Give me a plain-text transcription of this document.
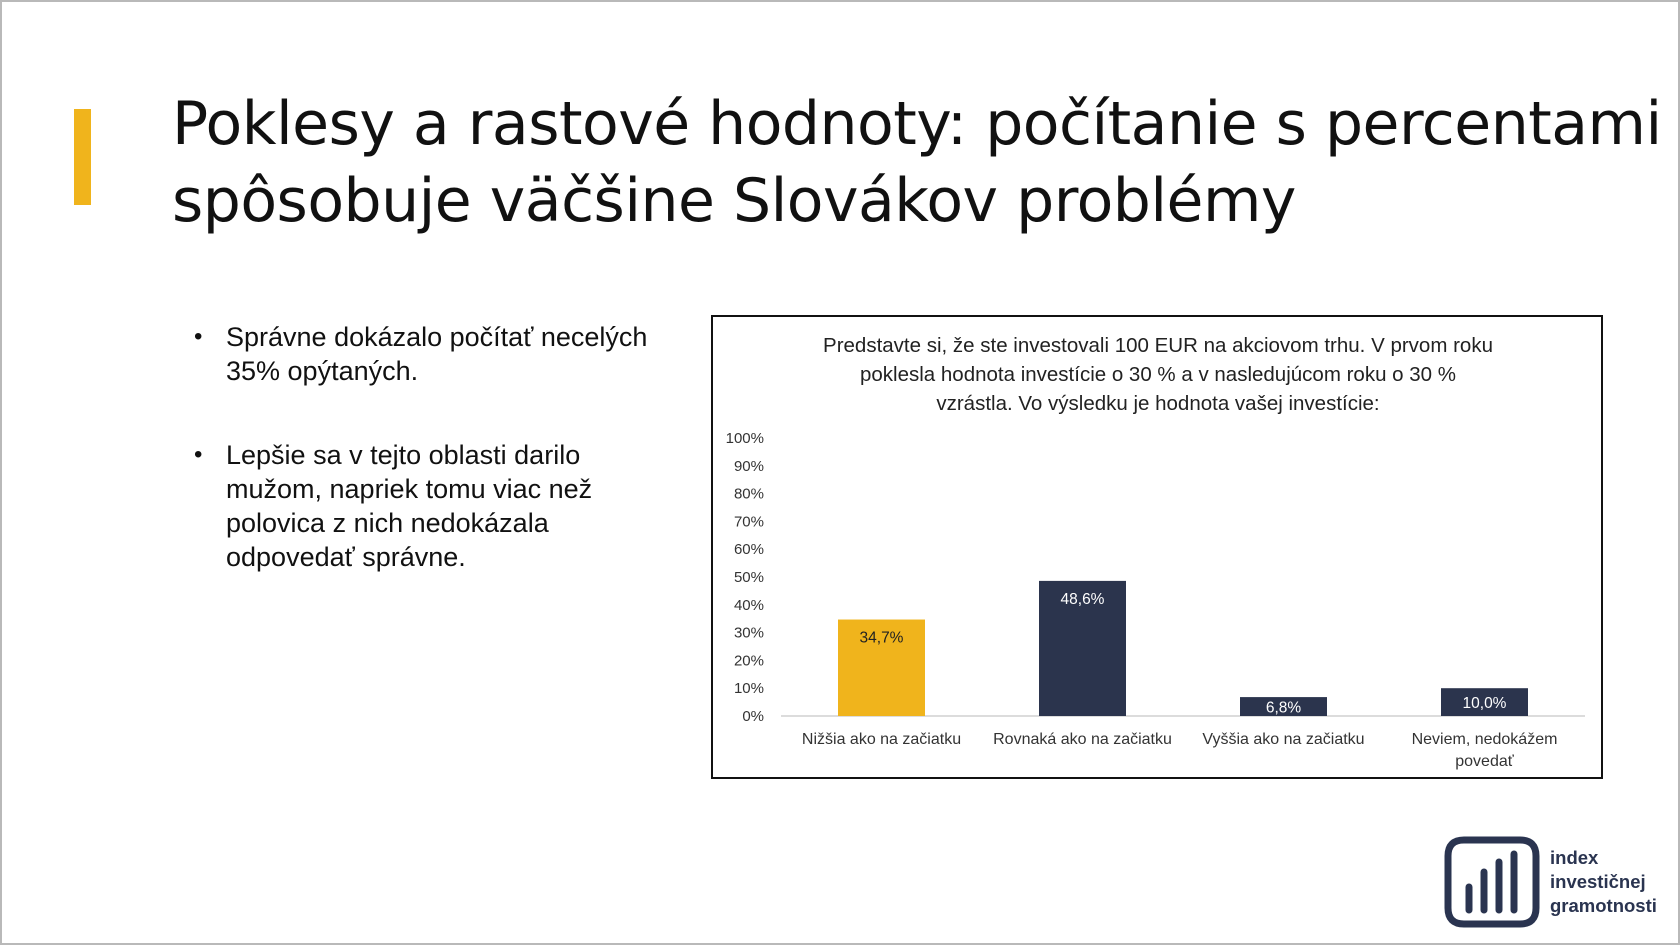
Poklesy a rastové hodnoty: počítanie s percentami
spôsobuje väčšine Slovákov problémy
• Správne dokázalo počítať necelých 35% opýtaných.
• Lepšie sa v tejto oblasti darilo mužom, napriek tomu viac než polovica z nich nedokázala odpovedať správne.
Predstavte si, že ste investovali 100 EUR na akciovom trhu. V prvom roku
poklesla hodnota investície o 30 % a v nasledujúcom roku o 30 %
vzrástla. Vo výsledku je hodnota vašej investície:
0%
10%
20%
30%
40%
50%
60%
70%
80%
90%
100%
34,7%
Nižšia ako na začiatku
48,6%
Rovnaká ako na začiatku
6,8%
Vyššia ako na začiatku
10,0%
Neviem, nedokážem
povedať
index
investičnej
gramotnosti
